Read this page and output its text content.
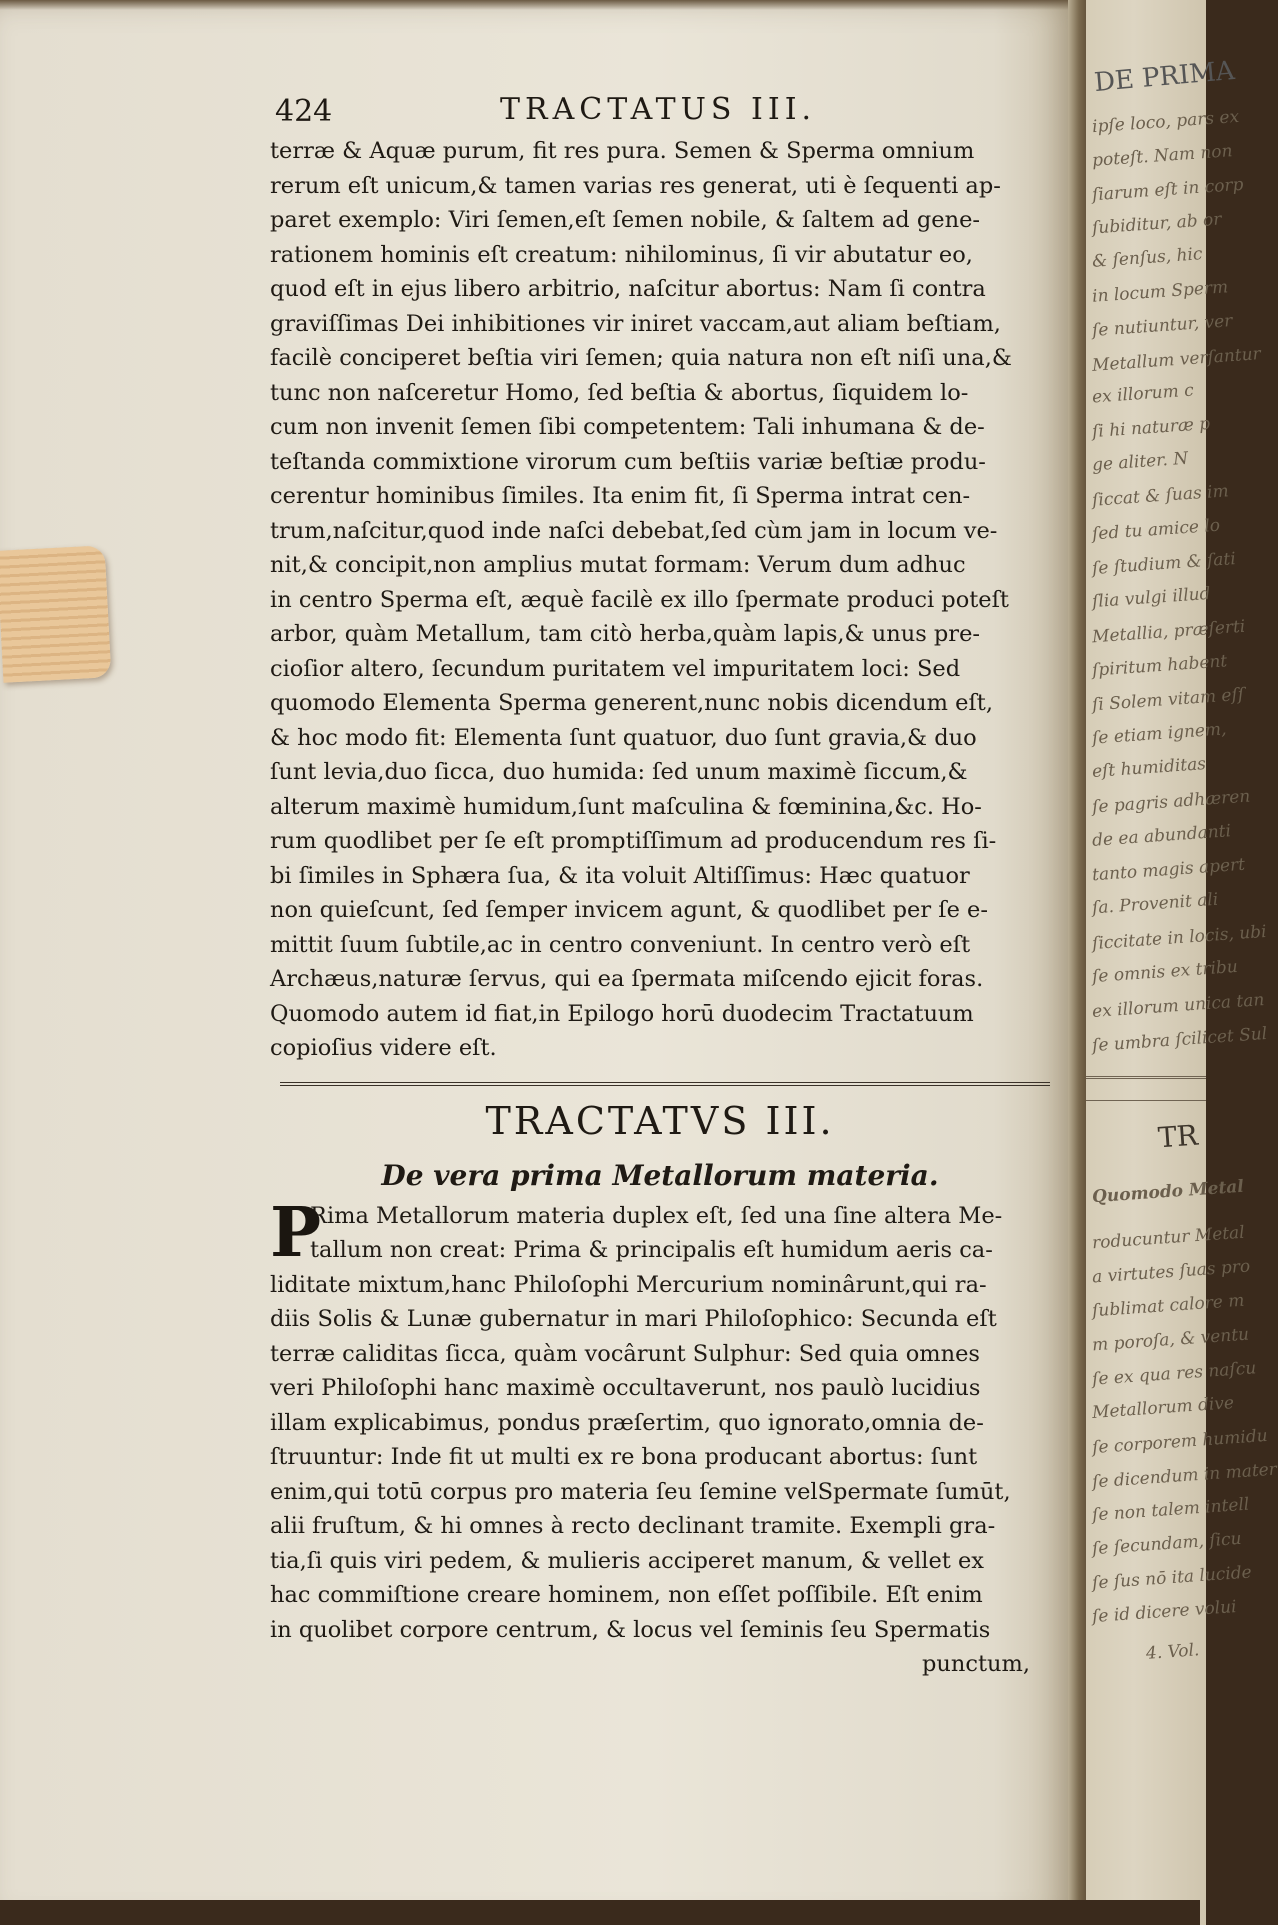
424	TRACTATUS III.
terræ & Aquæ purum, fit res pura. Semen & Sperma omnium
rerum eſt unicum,& tamen varias res generat, uti è ſequenti ap-
paret exemplo: Viri ſemen,eſt ſemen nobile, & ſaltem ad gene-
rationem hominis eſt creatum: nihilominus, ſi vir abutatur eo,
quod eſt in ejus libero arbitrio, naſcitur abortus: Nam ſi contra
graviſſimas Dei inhibitiones vir iniret vaccam,aut aliam beſtiam,
facilè conciperet beſtia viri ſemen; quia natura non eſt niſi una,&
tunc non naſceretur Homo, ſed beſtia & abortus, ſiquidem lo-
cum non invenit ſemen ſibi competentem: Tali inhumana & de-
teſtanda commixtione virorum cum beſtiis variæ beſtiæ produ-
cerentur hominibus ſimiles. Ita enim fit, ſi Sperma intrat cen-
trum,naſcitur,quod inde naſci debebat,ſed cùm jam in locum ve-
nit,& concipit,non amplius mutat formam: Verum dum adhuc
in centro Sperma eſt, æquè facilè ex illo ſpermate produci poteſt
arbor, quàm Metallum, tam citò herba,quàm lapis,& unus pre-
cioſior altero, ſecundum puritatem vel impuritatem loci: Sed
quomodo Elementa Sperma generent,nunc nobis dicendum eſt,
& hoc modo fit: Elementa ſunt quatuor, duo ſunt gravia,& duo
ſunt levia,duo ſicca, duo humida: ſed unum maximè ſiccum,&
alterum maximè humidum,ſunt maſculina & fœminina,&c. Ho-
rum quodlibet per ſe eſt promptiſſimum ad producendum res ſi-
bi ſimiles in Sphæra ſua, & ita voluit Altiſſimus: Hæc quatuor
non quieſcunt, ſed ſemper invicem agunt, & quodlibet per ſe e-
mittit ſuum ſubtile,ac in centro conveniunt. In centro verò eſt
Archæus,naturæ ſervus, qui ea ſpermata miſcendo ejicit foras.
Quomodo autem id fiat,in Epilogo horū duodecim Tractatuum
copioſius videre eſt.
TRACTATVS III.
De vera prima Metallorum materia.
P
Rima Metallorum materia duplex eſt, ſed una ſine altera Me-
tallum non creat: Prima & principalis eſt humidum aeris ca-
liditate mixtum,hanc Philoſophi Mercurium nominârunt,qui ra-
diis Solis & Lunæ gubernatur in mari Philoſophico: Secunda eſt
terræ caliditas ſicca, quàm vocârunt Sulphur: Sed quia omnes
veri Philoſophi hanc maximè occultaverunt, nos paulò lucidius
illam explicabimus, pondus præſertim, quo ignorato,omnia de-
ſtruuntur: Inde fit ut multi ex re bona producant abortus: ſunt
enim,qui totū corpus pro materia ſeu ſemine velSpermate ſumūt,
alii fruſtum, & hi omnes à recto declinant tramite. Exempli gra-
tia,ſi quis viri pedem, & mulieris acciperet manum, & vellet ex
hac commiſtione creare hominem, non eſſet poſſibile. Eſt enim
in quolibet corpore centrum, & locus vel ſeminis ſeu Spermatis
punctum,
DE PRIMA
ipſe loco, pars ex
poteſt. Nam non
ſiarum eſt in corp
ſubiditur, ab or
& ſenſus, hic
in locum Sperm
ſe nutiuntur, ver
Metallum verſantur
ex illorum c
ſi hi naturæ p
ge aliter. N
ſiccat & ſuas im
ſed tu amice lo
ſe ſtudium & ſati
ſlia vulgi illud
Metallia, præſerti
ſpiritum habent
ſi Solem vitam eſſ
ſe etiam ignem,
eſt humiditas
ſe pagris adhæren
de ea abundanti
tanto magis apert
ſa. Provenit ali
ſiccitate in locis, ubi
ſe omnis ex tribu
ex illorum unica tan
ſe umbra ſcilicet Sul
TR
Quomodo Metal
roducuntur Metal
a virtutes ſuas pro
ſublimat calore m
m poroſa, & ventu
ſe ex qua res naſcu
Metallorum dive
ſe corporem humidu
ſe dicendum in mater
ſe non talem intell
ſe ſecundam, ſicu
ſe ſus nō ita lucide
ſe id dicere volui
4. Vol.
